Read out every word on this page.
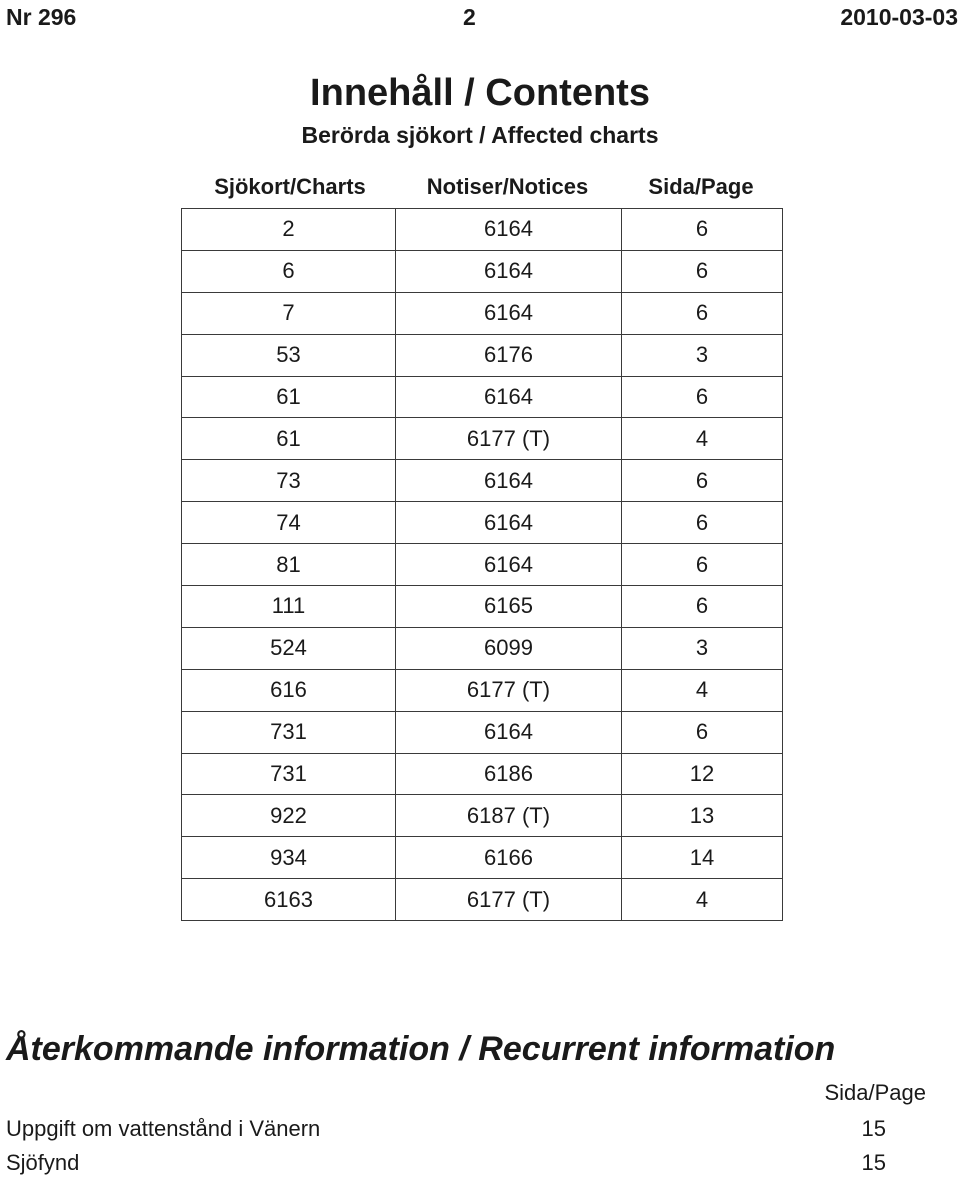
Nr 296	2	2010-03-03
Innehåll / Contents
Berörda sjökort / Affected charts
Sjökort/Charts	Notiser/Notices	Sida/Page
2	6164	6
6	6164	6
7	6164	6
53	6176	3
61	6164	6
61	6177 (T)	4
73	6164	6
74	6164	6
81	6164	6
111	6165	6
524	6099	3
616	6177 (T)	4
731	6164	6
731	6186	12
922	6187 (T)	13
934	6166	14
6163	6177 (T)	4
Återkommande information / Recurrent information
Sida/Page
Uppgift om vattenstånd i Vänern	15
Sjöfynd	15
